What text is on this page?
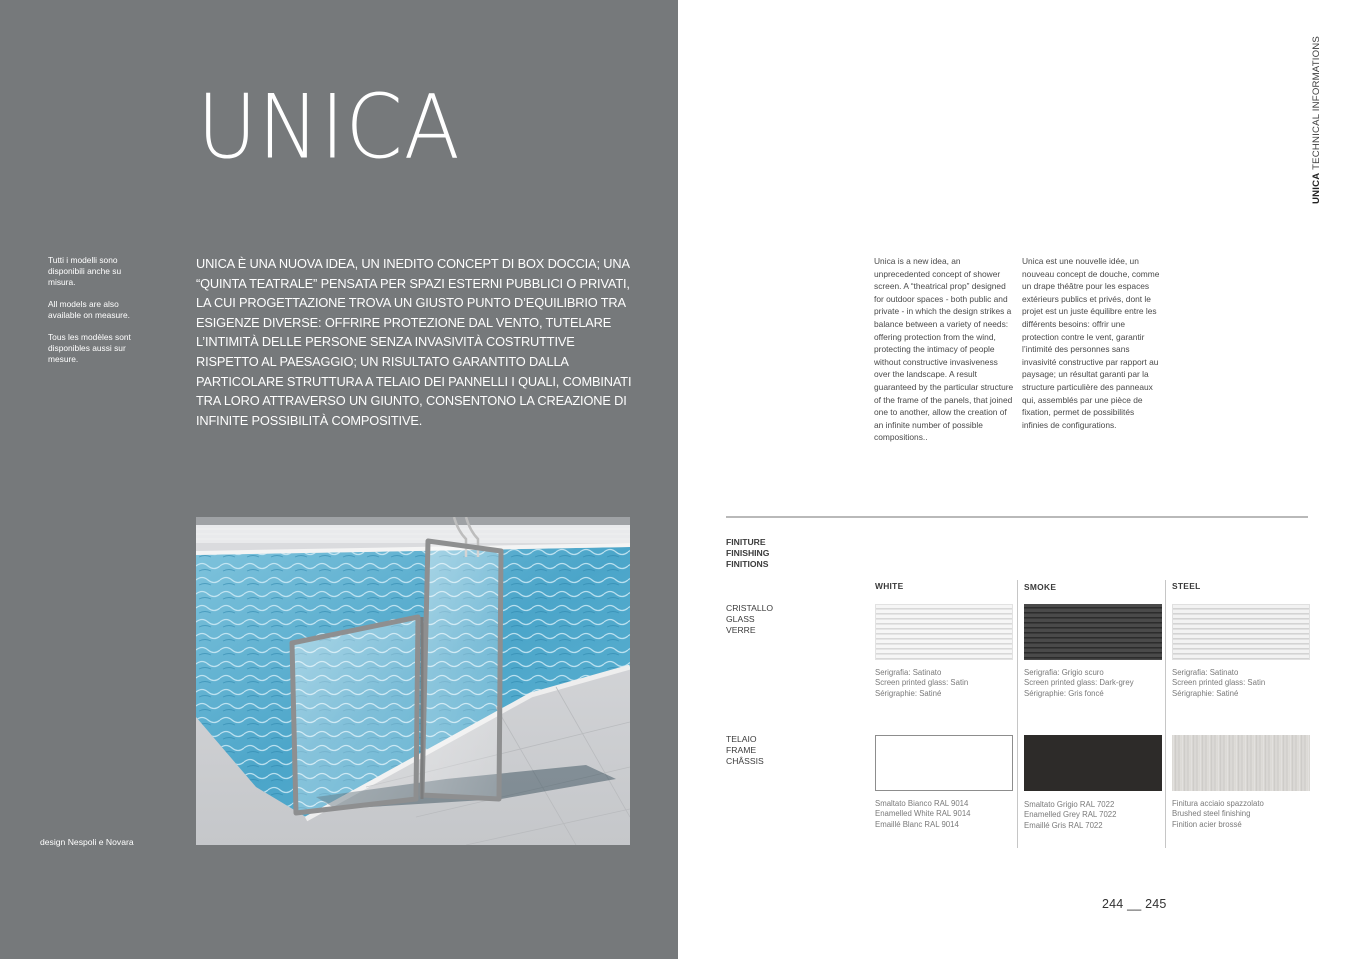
UNICA

Tutti i modelli sono disponibili anche su misura.

All models are also available on measure.

Tous les modèles sont disponibles aussi sur mesure.

UNICA È UNA NUOVA IDEA, UN INEDITO CONCEPT DI BOX DOCCIA; UNA “QUINTA TEATRALE” PENSATA PER SPAZI ESTERNI PUBBLICI O PRIVATI, LA CUI PROGETTAZIONE TROVA UN GIUSTO PUNTO D’EQUILIBRIO TRA ESIGENZE DIVERSE: OFFRIRE PROTEZIONE DAL VENTO, TUTELARE L’INTIMITÀ DELLE PERSONE SENZA INVASIVITÀ COSTRUTTIVE RISPETTO AL PAESAGGIO; UN RISULTATO GARANTITO DALLA PARTICOLARE STRUTTURA A TELAIO DEI PANNELLI I QUALI, COMBINATI TRA LORO ATTRAVERSO UN GIUNTO, CONSENTONO LA CREAZIONE DI INFINITE POSSIBILITÀ COMPOSITIVE.
design Nespoli e Novara
UNICA TECHNICAL INFORMATIONS
Unica is a new idea, an unprecedented concept of shower screen. A “theatrical prop” designed for outdoor spaces - both public and private - in which the design strikes a balance between a variety of needs: offering protection from the wind, protecting the intimacy of people without constructive invasiveness over the landscape. A result guaranteed by the particular structure of the frame of the panels, that joined one to another, allow the creation of an infinite number of possible compositions..
Unica est une nouvelle idée, un nouveau concept de douche, comme un drape théâtre pour les espaces extérieurs publics et privés, dont le projet est un juste équilibre entre les différents besoins: offrir une protection contre le vent, garantir l’intimité des personnes sans invasivité constructive par rapport au paysage; un résultat garanti par la structure particulière des panneaux qui, assemblés par une pièce de fixation, permet de possibilités infinies de configurations.
FINITURE
FINISHING
FINITIONS
CRISTALLO
GLASS
VERRE
TELAIO
FRAME
CHÂSSIS
WHITE	SMOKE	STEEL
Serigrafia: Satinato
Screen printed glass: Satin
Sérigraphie: Satiné
Serigrafia: Grigio scuro
Screen printed glass: Dark-grey
Sérigraphie: Gris foncé
Serigrafia: Satinato
Screen printed glass: Satin
Sérigraphie: Satiné
Smaltato Bianco RAL 9014
Enamelled White RAL 9014
Emaillé Blanc RAL 9014
Smaltato Grigio RAL 7022
Enamelled Grey RAL 7022
Emaillé Gris RAL 7022
Finitura acciaio spazzolato
Brushed steel finishing
Finition acier brossé
244 __ 245
